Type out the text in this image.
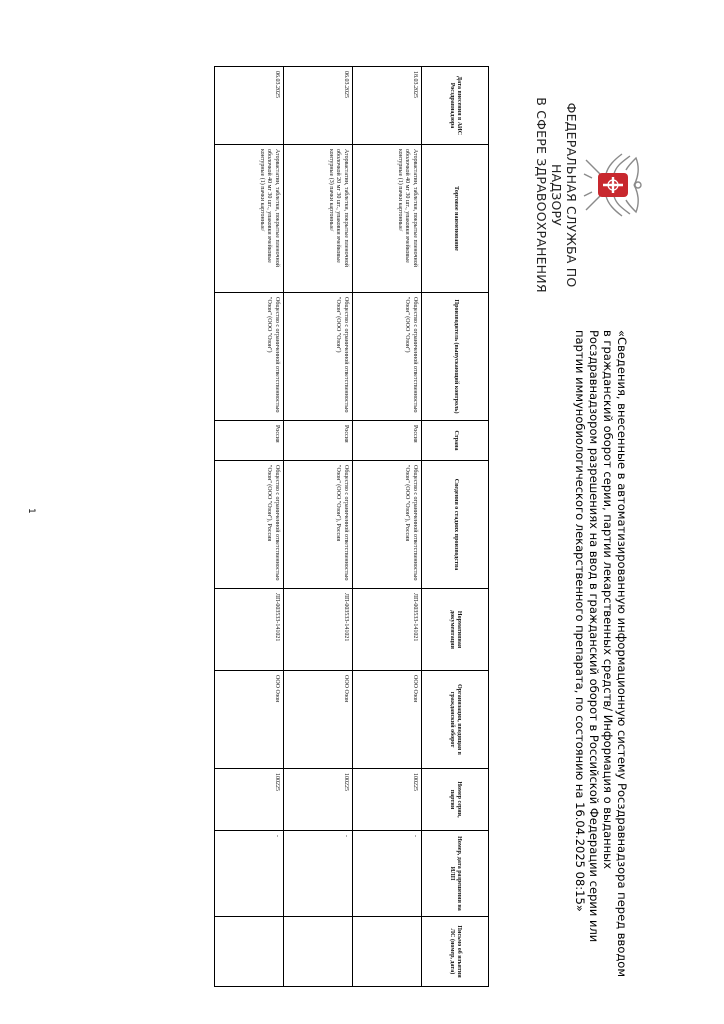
ФЕДЕРАЛЬНАЯ СЛУЖБА ПО НАДЗОРУ
В СФЕРЕ ЗДРАВООХРАНЕНИЯ
«Сведения, внесенные в автоматизированную информационную систему Росздравнадзора перед вводом в гражданский оборот серии, партии лекарственных средств/ Информация о выданных Росздравнадзором разрешениях на ввод в гражданский оборот в Российской Федерации серии или партии иммунобиологического лекарственного препарата, по состоянию на 16.04.2025 08:15»
Дата внесения в АИС Росздравнадзора	Торговое наименование	Производитель (выпускающий контроль)	Страна	Сведения о стадиях производства	Нормативная документация	Организация, вводящая в гражданский оборот	Номер серии, партии	Номер, дата разрешения на ИЛП	Письмо об изъятии ЛС (номер, дата)
18.03.2025	Аторвастатин, таблетки, покрытые пленочной оболочкой 40 мг 30 шт., упаковки ячейковые контурные (1) пачки картонные/	Общество с ограниченной ответственностью "Озон" (ООО "Озон")	Россия	Общество с ограниченной ответственностью "Озон" (ООО "Озон"), Россия	ЛП-003533-141021	ООО Озон	100225	-	
06.03.2025	Аторвастатин, таблетки, покрытые пленочной оболочкой 20 мг 30 шт., упаковки ячейковые контурные (3) пачки картонные/	Общество с ограниченной ответственностью "Озон" (ООО "Озон")	Россия	Общество с ограниченной ответственностью "Озон" (ООО "Озон"), Россия	ЛП-003533-141021	ООО Озон	100225	-	
06.03.2025	Аторвастатин, таблетки, покрытые пленочной оболочкой 40 мг 30 шт., упаковки ячейковые контурные (1) пачки картонные/	Общество с ограниченной ответственностью "Озон" (ООО "Озон")	Россия	Общество с ограниченной ответственностью "Озон" (ООО "Озон"), Россия	ЛП-003533-141021	ООО Озон	100225	-	
1
